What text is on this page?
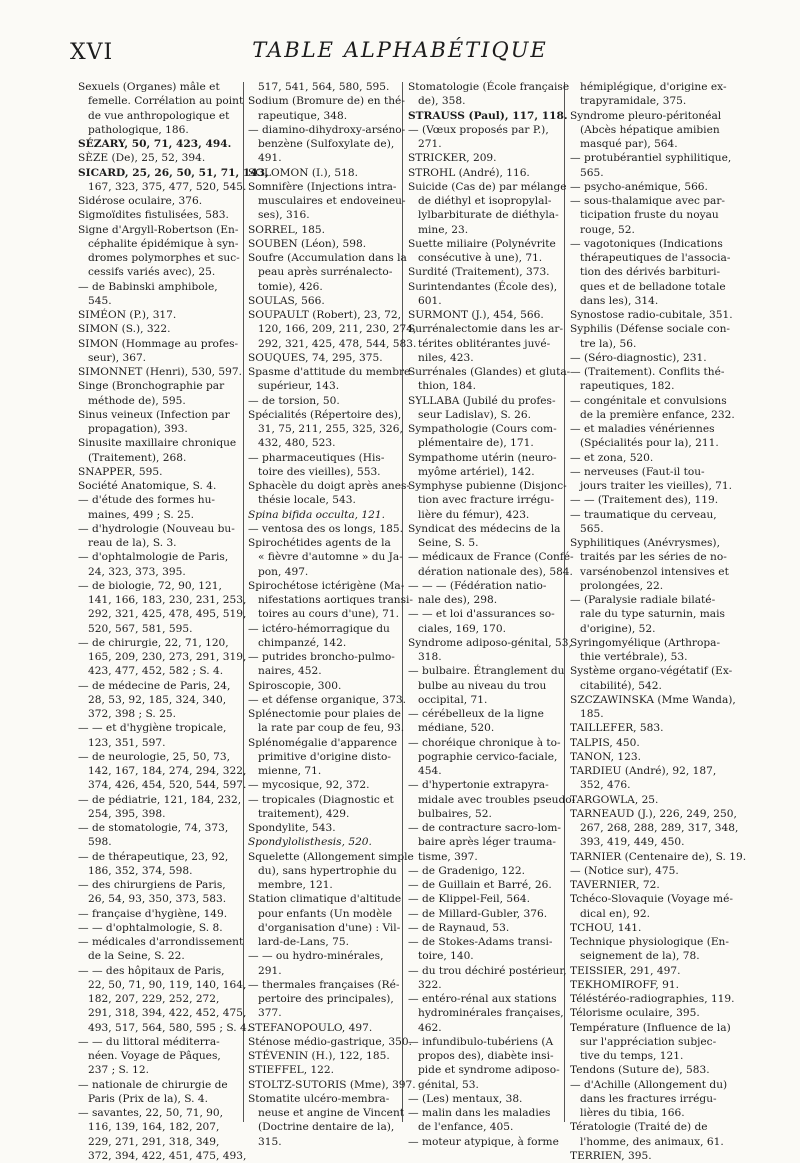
XVI	TABLE ALPHABÉTIQUE
Sexuels (Organes) mâle et
femelle. Corrélation au point
de vue anthropologique et
pathologique, 186.
SÉZARY, 50, 71, 423, 494.
SÈZE (De), 25, 52, 394.
SICARD, 25, 26, 50, 51, 71, 143,
167, 323, 375, 477, 520, 545.
Sidérose oculaire, 376.
Sigmoïdites fistulisées, 583.
Signe d'Argyll-Robertson (En-
céphalite épidémique à syn-
dromes polymorphes et suc-
cessifs variés avec), 25.
— de Babinski amphibole,
545.
SIMÉON (P.), 317.
SIMON (S.), 322.
SIMON (Hommage au profes-
seur), 367.
SIMONNET (Henri), 530, 597.
Singe (Bronchographie par
méthode de), 595.
Sinus veineux (Infection par
propagation), 393.
Sinusite maxillaire chronique
(Traitement), 268.
SNAPPER, 595.
Société Anatomique, S. 4.
— d'étude des formes hu-
maines, 499 ; S. 25.
— d'hydrologie (Nouveau bu-
reau de la), S. 3.
— d'ophtalmologie de Paris,
24, 323, 373, 395.
— de biologie, 72, 90, 121,
141, 166, 183, 230, 231, 253,
292, 321, 425, 478, 495, 519,
520, 567, 581, 595.
— de chirurgie, 22, 71, 120,
165, 209, 230, 273, 291, 319,
423, 477, 452, 582 ; S. 4.
— de médecine de Paris, 24,
28, 53, 92, 185, 324, 340,
372, 398 ; S. 25.
— — et d'hygiène tropicale,
123, 351, 597.
— de neurologie, 25, 50, 73,
142, 167, 184, 274, 294, 322,
374, 426, 454, 520, 544, 597.
— de pédiatrie, 121, 184, 232,
254, 395, 398.
— de stomatologie, 74, 373,
598.
— de thérapeutique, 23, 92,
186, 352, 374, 598.
— des chirurgiens de Paris,
26, 54, 93, 350, 373, 583.
— française d'hygiène, 149.
— — d'ophtalmologie, S. 8.
— médicales d'arrondissement
de la Seine, S. 22.
— — des hôpitaux de Paris,
22, 50, 71, 90, 119, 140, 164,
182, 207, 229, 252, 272,
291, 318, 394, 422, 452, 475,
493, 517, 564, 580, 595 ; S. 4.
— — du littoral méditerra-
néen. Voyage de Pâques,
237 ; S. 12.
— nationale de chirurgie de
Paris (Prix de la), S. 4.
— savantes, 22, 50, 71, 90,
116, 139, 164, 182, 207,
229, 271, 291, 318, 349,
372, 394, 422, 451, 475, 493,
517, 541, 564, 580, 595.
Sodium (Bromure de) en thé-
rapeutique, 348.
— diamino-dihydroxy-arséno-
benzène (Sulfoxylate de),
491.
SOLOMON (I.), 518.
Somnifère (Injections intra-
musculaires et endoveineu-
ses), 316.
SORREL, 185.
SOUBEN (Léon), 598.
Soufre (Accumulation dans la
peau après surrénalecto-
tomie), 426.
SOULAS, 566.
SOUPAULT (Robert), 23, 72,
120, 166, 209, 211, 230, 274,
292, 321, 425, 478, 544, 583.
SOUQUES, 74, 295, 375.
Spasme d'attitude du membre
supérieur, 143.
— de torsion, 50.
Spécialités (Répertoire des),
31, 75, 211, 255, 325, 326,
432, 480, 523.
— pharmaceutiques (His-
toire des vieilles), 553.
Sphacèle du doigt après anes-
thésie locale, 543.
Spina bifida occulta, 121.
— ventosa des os longs, 185.
Spirochétides agents de la
« fièvre d'automne » du Ja-
pon, 497.
Spirochétose ictérigène (Ma-
nifestations aortiques transi-
toires au cours d'une), 71.
— ictéro-hémorragique du
chimpanzé, 142.
— putrides broncho-pulmo-
naires, 452.
Spiroscopie, 300.
— et défense organique, 373.
Splénectomie pour plaies de
la rate par coup de feu, 93.
Splénomégalie d'apparence
primitive d'origine disto-
mienne, 71.
— mycosique, 92, 372.
— tropicales (Diagnostic et
traitement), 429.
Spondylite, 543.
Spondylolisthesis, 520.
Squelette (Allongement simple
du), sans hypertrophie du
membre, 121.
Station climatique d'altitude
pour enfants (Un modèle
d'organisation d'une) : Vil-
lard-de-Lans, 75.
— — ou hydro-minérales,
291.
— thermales françaises (Ré-
pertoire des principales),
377.
STEFANOPOULO, 497.
Sténose médio-gastrique, 350.
STÉVENIN (H.), 122, 185.
STIEFFEL, 122.
STOLTZ-SUTORIS (Mme), 397.
Stomatite ulcéro-membra-
neuse et angine de Vincent
(Doctrine dentaire de la),
315.
Stomatologie (École française
de), 358.
STRAUSS (Paul), 117, 118.
— (Vœux proposés par P.),
271.
STRICKER, 209.
STROHL (André), 116.
Suicide (Cas de) par mélange
de diéthyl et isopropylal-
lylbarbiturate de diéthyla-
mine, 23.
Suette miliaire (Polynévrite
consécutive à une), 71.
Surdité (Traitement), 373.
Surintendantes (École des),
601.
SURMONT (J.), 454, 566.
Surrénalectomie dans les ar-
térites oblitérantes juvé-
niles, 423.
Surrénales (Glandes) et gluta-
thion, 184.
SYLLABA (Jubilé du profes-
seur Ladislav), S. 26.
Sympathologie (Cours com-
plémentaire de), 171.
Sympathome utérin (neuro-
myôme artériel), 142.
Symphyse pubienne (Disjonc-
tion avec fracture irrégu-
lière du fémur), 423.
Syndicat des médecins de la
Seine, S. 5.
— médicaux de France (Confé-
dération nationale des), 584.
— — — (Fédération natio-
nale des), 298.
— — et loi d'assurances so-
ciales, 169, 170.
Syndrome adiposo-génital, 53,
318.
— bulbaire. Étranglement du
bulbe au niveau du trou
occipital, 71.
— cérébelleux de la ligne
médiane, 520.
— choréique chronique à to-
pographie cervico-faciale,
454.
— d'hypertonie extrapyra-
midale avec troubles pseudo-
bulbaires, 52.
— de contracture sacro-lom-
baire après léger trauma-
tisme, 397.
— de Gradenigo, 122.
— de Guillain et Barré, 26.
— de Klippel-Feil, 564.
— de Millard-Gubler, 376.
— de Raynaud, 53.
— de Stokes-Adams transi-
toire, 140.
— du trou déchiré postérieur,
322.
— entéro-rénal aux stations
hydrominérales françaises,
462.
— infundibulo-tubériens (A
propos des), diabète insi-
pide et syndrome adiposo-
génital, 53.
— (Les) mentaux, 38.
— malin dans les maladies
de l'enfance, 405.
— moteur atypique, à forme
hémiplégique, d'origine ex-
trapyramidale, 375.
Syndrome pleuro-péritonéal
(Abcès hépatique amibien
masqué par), 564.
— protubérantiel syphilitique,
565.
— psycho-anémique, 566.
— sous-thalamique avec par-
ticipation fruste du noyau
rouge, 52.
— vagotoniques (Indications
thérapeutiques de l'associa-
tion des dérivés barbituri-
ques et de belladone totale
dans les), 314.
Synostose radio-cubitale, 351.
Syphilis (Défense sociale con-
tre la), 56.
— (Séro-diagnostic), 231.
— (Traitement). Conflits thé-
rapeutiques, 182.
— congénitale et convulsions
de la première enfance, 232.
— et maladies vénériennes
(Spécialités pour la), 211.
— et zona, 520.
— nerveuses (Faut-il tou-
jours traiter les vieilles), 71.
— — (Traitement des), 119.
— traumatique du cerveau,
565.
Syphilitiques (Anévrysmes),
traités par les séries de no-
varsénobenzol intensives et
prolongées, 22.
— (Paralysie radiale bilaté-
rale du type saturnin, mais
d'origine), 52.
Syringomyélique (Arthropa-
thie vertébrale), 53.
Système organo-végétatif (Ex-
citabilité), 542.
SZCZAWINSKA (Mme Wanda),
185.
TAILLEFER, 583.
TALPIS, 450.
TANON, 123.
TARDIEU (André), 92, 187,
352, 476.
TARGOWLA, 25.
TARNEAUD (J.), 226, 249, 250,
267, 268, 288, 289, 317, 348,
393, 419, 449, 450.
TARNIER (Centenaire de), S. 19.
— (Notice sur), 475.
TAVERNIER, 72.
Tchéco-Slovaquie (Voyage mé-
dical en), 92.
TCHOU, 141.
Technique physiologique (En-
seignement de la), 78.
TEISSIER, 291, 497.
TEKHOMIROFF, 91.
Téléstéréo-radiographies, 119.
Télorisme oculaire, 395.
Température (Influence de la)
sur l'appréciation subjec-
tive du temps, 121.
Tendons (Suture de), 583.
— d'Achille (Allongement du)
dans les fractures irrégu-
lières du tibia, 166.
Tératologie (Traité de) de
l'homme, des animaux, 61.
TERRIEN, 395.
